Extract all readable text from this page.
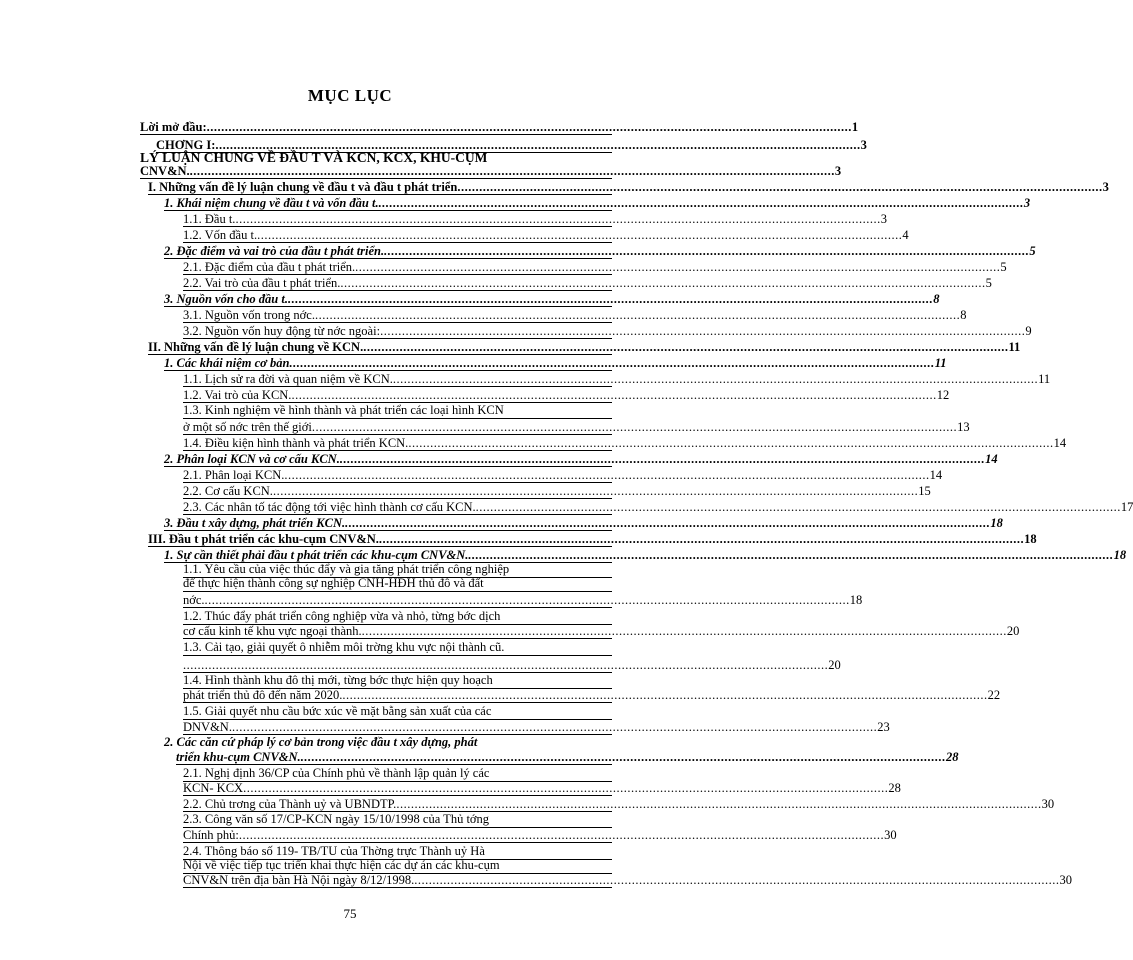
MỤC LỤC
Lời mở đầu: .................................................................................................................................................................................. 1
CHƠNG I: .................................................................................................................................................................................. 3
LÝ LUẬN CHUNG VỀ ĐẦU T VÀ KCN, KCX, KHU-CỤM
CNV&N. .................................................................................................................................................................................. 3
I. Những vấn đề lý luận chung về đầu t và đầu t phát triển .................................................................................................................................................................................. 3
1. Khái niệm chung về đầu t và vốn đầu t. .................................................................................................................................................................................. 3
1.1. Đầu t. .................................................................................................................................................................................. 3
1.2. Vốn đầu t. .................................................................................................................................................................................. 4
2. Đặc điểm và vai trò của đầu t phát triển. .................................................................................................................................................................................. 5
2.1. Đặc điểm của đầu t phát triển. .................................................................................................................................................................................. 5
2.2. Vai trò của đầu t phát triển. .................................................................................................................................................................................. 5
3. Nguồn vốn cho đầu t. .................................................................................................................................................................................. 8
3.1. Nguồn vốn trong nớc. .................................................................................................................................................................................. 8
3.2. Nguồn vốn huy động từ nớc ngoài: .................................................................................................................................................................................. 9
II. Những vấn đề lý luận chung về KCN. .................................................................................................................................................................................. 11
1. Các khái niệm cơ bản .................................................................................................................................................................................. 11
1.1. Lịch sử ra đời và quan niệm về KCN. .................................................................................................................................................................................. 11
1.2. Vai trò của KCN. .................................................................................................................................................................................. 12
1.3. Kinh nghiệm về hình thành và phát triển các loại hình KCN
ở một số nớc trên thế giới .................................................................................................................................................................................. 13
1.4. Điều kiện hình thành và phát triển KCN. .................................................................................................................................................................................. 14
2. Phân loại KCN và cơ cấu KCN. .................................................................................................................................................................................. 14
2.1. Phân loại KCN. .................................................................................................................................................................................. 14
2.2. Cơ cấu KCN. .................................................................................................................................................................................. 15
2.3. Các nhân tố tác động tới việc hình thành cơ cấu KCN. .................................................................................................................................................................................. 17
3. Đầu t xây dựng, phát triển KCN. .................................................................................................................................................................................. 18
III. Đầu t phát triển các khu-cụm CNV&N. .................................................................................................................................................................................. 18
1. Sự cần thiết phải đầu t phát triển các khu-cụm CNV&N. .................................................................................................................................................................................. 18
1.1. Yêu cầu của việc thúc đẩy và gia tăng phát triển công nghiệp
để thực hiện thành công sự nghiệp CNH-HĐH thủ đô và đất
nớc. .................................................................................................................................................................................. 18
1.2. Thúc đẩy phát triển công nghiệp vừa và nhỏ, từng bớc dịch
cơ cấu kinh tế khu vực ngoại thành. .................................................................................................................................................................................. 20
1.3. Cải tạo, giải quyết ô nhiễm môi trờng khu vực nội thành cũ.
.................................................................................................................................................................................. 20
1.4. Hình thành khu đô thị mới, từng bớc thực hiện quy hoạch
phát triển thủ đô đến năm 2020. .................................................................................................................................................................................. 22
1.5. Giải quyết nhu cầu bức xúc về mặt bằng sản xuất của các
DNV&N. .................................................................................................................................................................................. 23
2. Các căn cứ pháp lý cơ bản trong việc đầu t xây dựng, phát
triển khu-cụm CNV&N. .................................................................................................................................................................................. 28
2.1. Nghị định 36/CP của Chính phủ về thành lập quản lý các
KCN- KCX .................................................................................................................................................................................. 28
2.2. Chủ trơng của Thành uỷ và UBNDTP. .................................................................................................................................................................................. 30
2.3. Công văn số 17/CP-KCN ngày 15/10/1998 của Thủ tớng
Chính phủ: .................................................................................................................................................................................. 30
2.4. Thông báo số 119- TB/TU của Thờng trực Thành uỷ Hà
Nội về việc tiếp tục triển khai thực hiện các dự án các khu-cụm
CNV&N trên địa bàn Hà Nội ngày 8/12/1998. .................................................................................................................................................................................. 30
75
